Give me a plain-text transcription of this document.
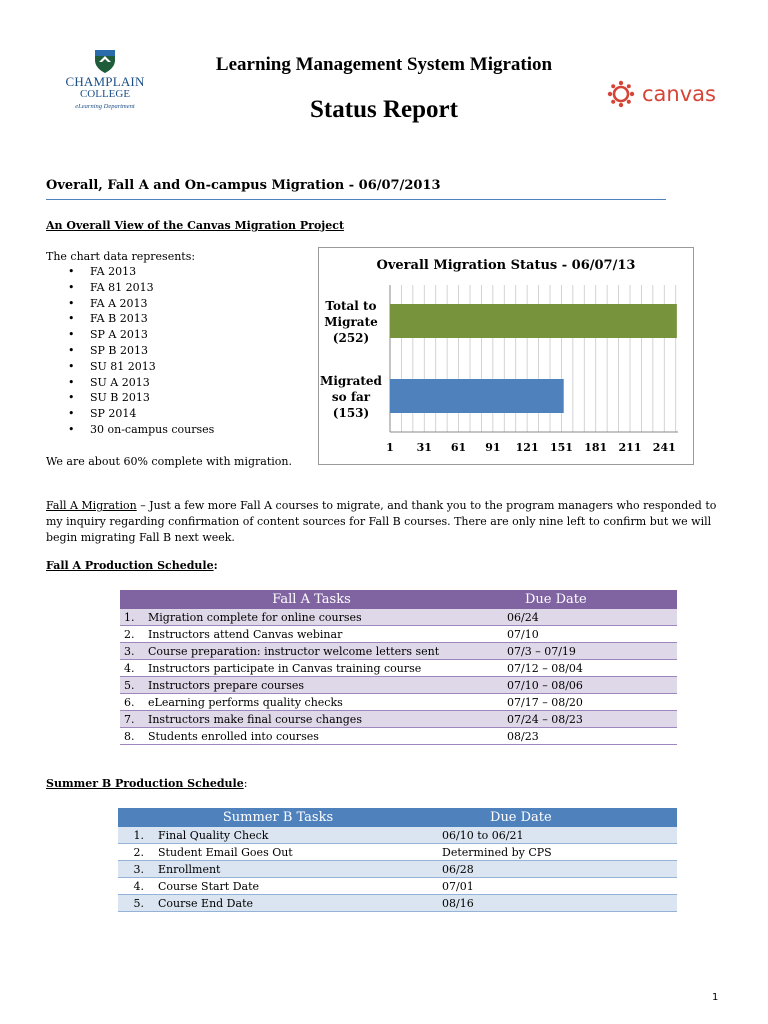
CHAMPLAIN
COLLEGE
eLearning Department
Learning Management System Migration
Status Report
canvas
Overall, Fall A and On-campus Migration - 06/07/2013
An Overall View of the Canvas Migration Project
The chart data represents:
• FA 2013
• FA 81 2013
• FA A 2013
• FA B 2013
• SP A 2013
• SP B 2013
• SU 81 2013
• SU A 2013
• SU B 2013
• SP 2014
• 30 on-campus courses
We are about 60% complete with migration.
Overall Migration Status - 06/07/13
Total to
Migrate
(252)
Migrated
so far
(153)
1	31	61	91	121	151	181	211	241
Fall A Migration – Just a few more Fall A courses to migrate, and thank you to the program managers who responded to my inquiry regarding confirmation of content sources for Fall B courses. There are only nine left to confirm but we will begin migrating Fall B next week.
Fall A Production Schedule:
Fall A Tasks		Due Date
1.	Migration complete for online courses	06/24
2.	Instructors attend Canvas webinar	07/10
3.	Course preparation: instructor welcome letters sent	07/3 – 07/19
4.	Instructors participate in Canvas training course	07/12 – 08/04
5.	Instructors prepare courses	07/10 – 08/06
6.	eLearning performs quality checks	07/17 – 08/20
7.	Instructors make final course changes	07/24 – 08/23
8.	Students enrolled into courses	08/23
Summer B Production Schedule:
Summer B Tasks		Due Date
1.	Final Quality Check	06/10 to 06/21
2.	Student Email Goes Out	Determined by CPS
3.	Enrollment	06/28
4.	Course Start Date	07/01
5.	Course End Date	08/16
1
